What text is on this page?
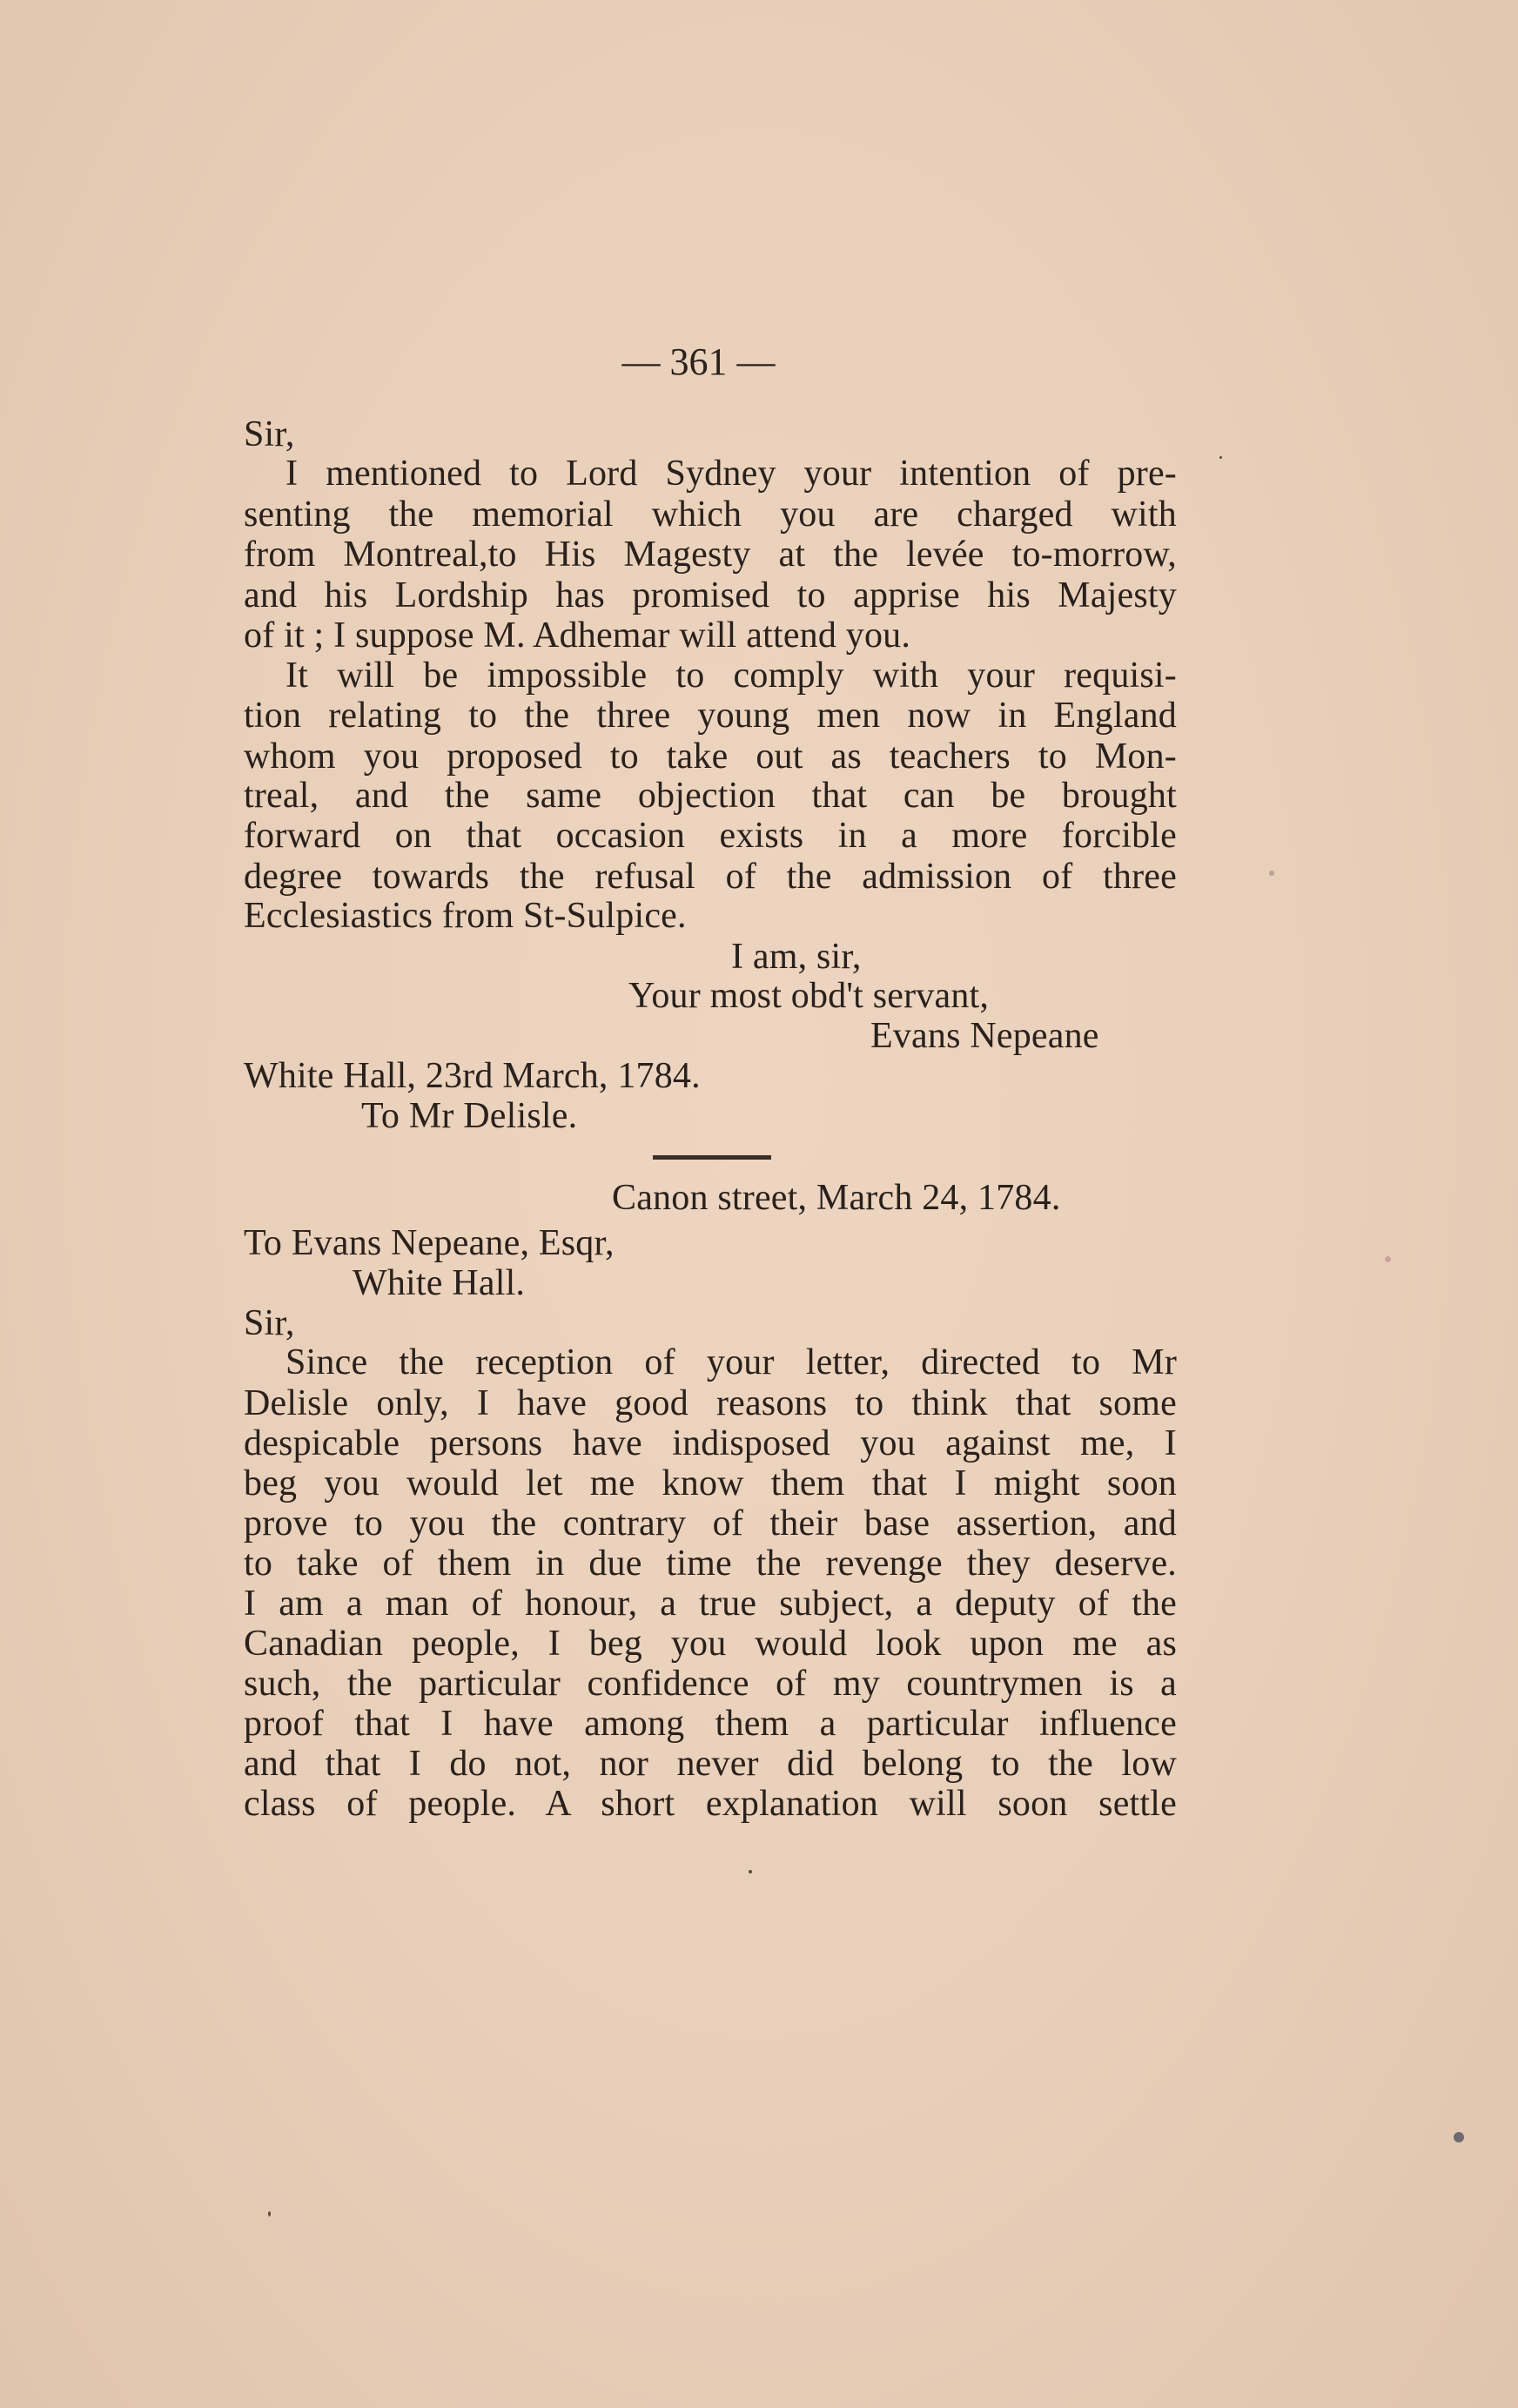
— 361 —
Sir,
I mentioned to Lord Sydney your intention of pre-
senting the memorial which you are charged with
from Montreal,to His Magesty at the levée to-morrow,
and his Lordship has promised to apprise his Majesty
of it ; I suppose M. Adhemar will attend you.
It will be impossible to comply with your requisi-
tion relating to the three young men now in England
whom you proposed to take out as teachers to Mon-
treal, and the same objection that can be brought
forward on that occasion exists in a more forcible
degree towards the refusal of the admission of three
Ecclesiastics from St-Sulpice.
I am, sir,
Your most obd't servant,
Evans Nepeane
White Hall, 23rd March, 1784.
To Mr Delisle.
Canon street, March 24, 1784.
To Evans Nepeane, Esqr,
White Hall.
Sir,
Since the reception of your letter, directed to Mr
Delisle only, I have good reasons to think that some
despicable persons have indisposed you against me, I
beg you would let me know them that I might soon
prove to you the contrary of their base assertion, and
to take of them in due time the revenge they deserve.
I am a man of honour, a true subject, a deputy of the
Canadian people, I beg you would look upon me as
such, the particular confidence of my countrymen is a
proof that I have among them a particular influence
and that I do not, nor never did belong to the low
class of people. A short explanation will soon settle
